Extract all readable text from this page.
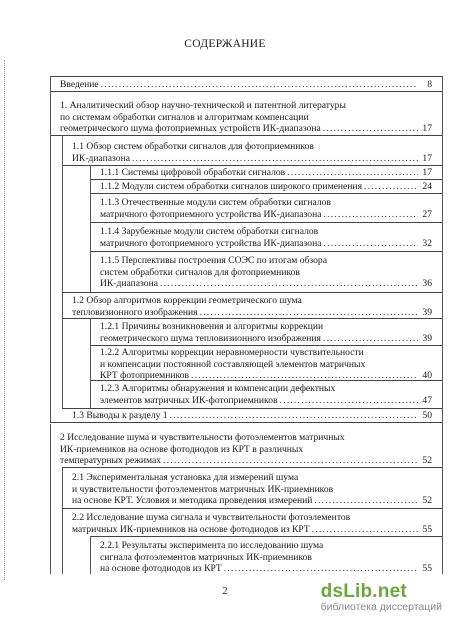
СОДЕРЖАНИЕ
Введение . . .	8
1. Аналитический обзор научно-технической и патентной литературы
по системам обработки сигналов и алгоритмам компенсации
геометрического шума фотоприемных устройств ИК-диапазона . . .	17
1.1 Обзор систем обработки сигналов для фотоприемников
ИК-диапазона . . .	17
1.1.1 Системы цифровой обработки сигналов . . .	17
1.1.2 Модули систем обработки сигналов широкого применения . . .	24
1.1.3 Отечественные модули систем обработки сигналов
матричного фотоприемного устройства ИК-диапазона . . .	27
1.1.4 Зарубежные модули систем обработки сигналов
матричного фотоприемного устройства ИК-диапазона . . .	32
1.1.5 Перспективы построения СОЭС по итогам обзора
систем обработки сигналов для фотоприемников
ИК-диапазона . . .	36
1.2 Обзор алгоритмов коррекции геометрического шума
тепловизионного изображения . . .	39
1.2.1 Причины возникновения и алгоритмы коррекции
геометрического шума тепловизионного изображения . . .	39
1.2.2 Алгоритмы коррекции неравномерности чувствительности
и компенсации постоянной составляющей элементов матричных
КРТ фотоприемников . . .	40
1.2.3 Алгоритмы обнаружения и компенсации дефектных
элементов матричных ИК-фотоприемников . . .	47
1.3 Выводы к разделу 1 . . .	50
2 Исследование шума и чувствительности фотоэлементов матричных
ИК-приемников на основе фотодиодов из КРТ в различных
температурных режимах . . .	52
2.1 Экспериментальная установка для измерений шума
и чувствительности фотоэлементов матричных ИК-приемников
на основе КРТ. Условия и методика проведения измерений . . .	52
2.2 Исследование шума сигнала и чувствительности фотоэлементов
матричных ИК-приемников на основе фотодиодов из КРТ . . .	55
2.2.1 Результаты эксперимента по исследованию шума
сигнала фотоэлементов матричных ИК-приемников
на основе фотодиодов из КРТ . . .	55
2	dsLib.net
библиотека диссертаций
